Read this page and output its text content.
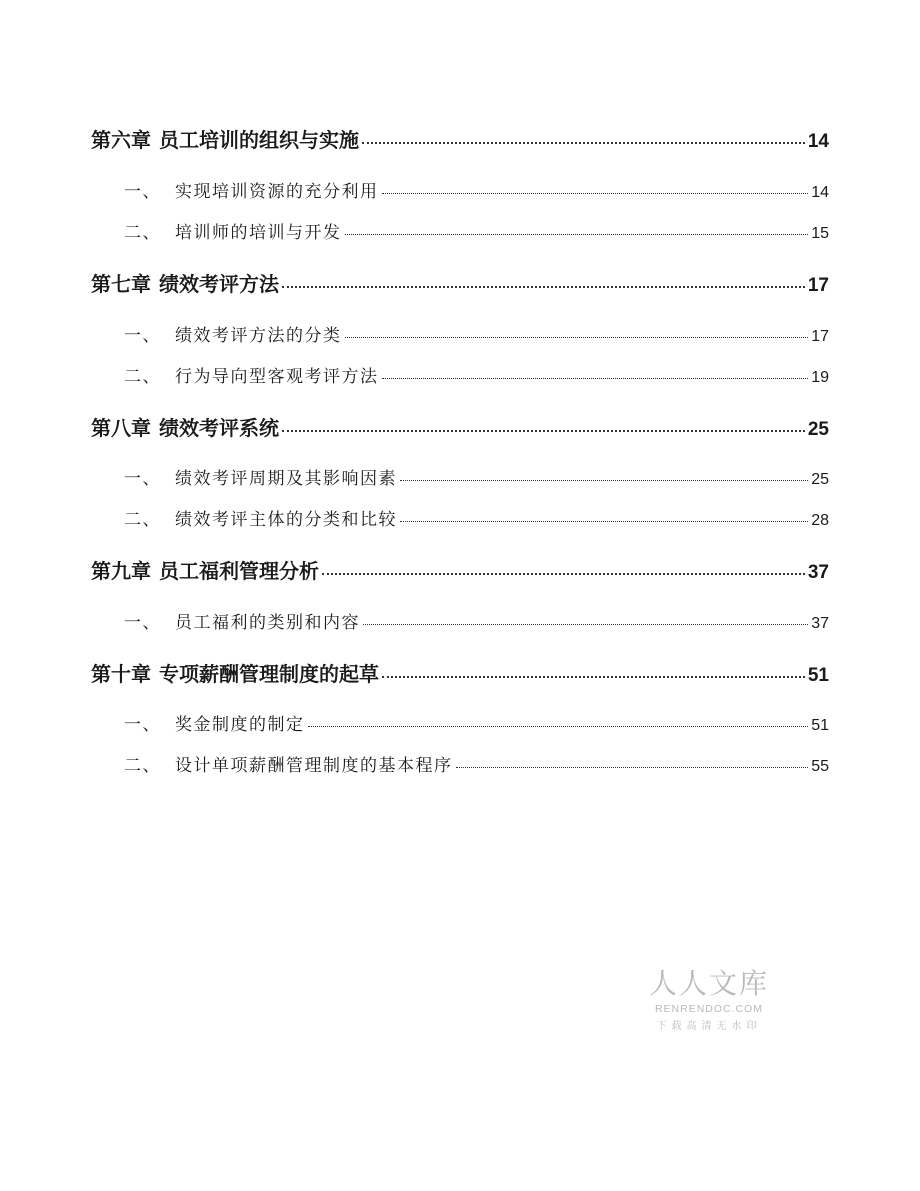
第六章 员工培训的组织与实施	14
一、 实现培训资源的充分利用	14
二、 培训师的培训与开发	15
第七章 绩效考评方法	17
一、 绩效考评方法的分类	17
二、 行为导向型客观考评方法	19
第八章 绩效考评系统	25
一、 绩效考评周期及其影响因素	25
二、 绩效考评主体的分类和比较	28
第九章 员工福利管理分析	37
一、 员工福利的类别和内容	37
第十章 专项薪酬管理制度的起草	51
一、 奖金制度的制定	51
二、 设计单项薪酬管理制度的基本程序	55
人人文库
RENRENDOC.COM
下载高清无水印
